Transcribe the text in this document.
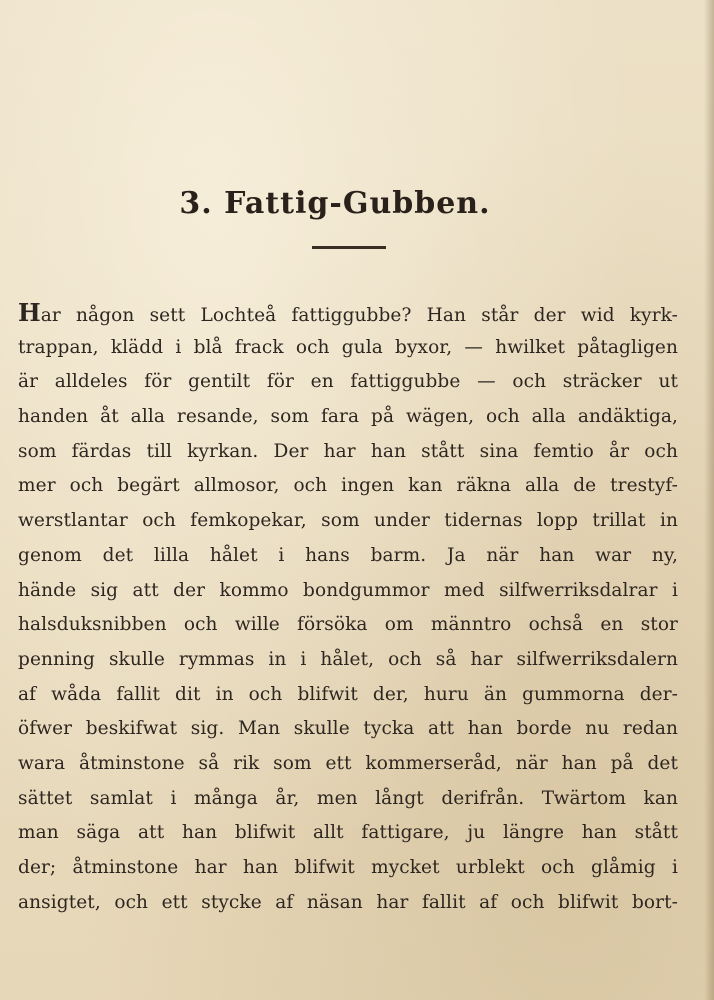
3. Fattig-Gubben.
Har någon sett Lochteå fattiggubbe? Han står der wid kyrk-
trappan, klädd i blå frack och gula byxor, — hwilket påtagligen
är alldeles för gentilt för en fattiggubbe — och sträcker ut
handen åt alla resande, som fara på wägen, och alla andäktiga,
som färdas till kyrkan. Der har han stått sina femtio år och
mer och begärt allmosor, och ingen kan räkna alla de trestyf-
werstlantar och femkopekar, som under tidernas lopp trillat in
genom det lilla hålet i hans barm. Ja när han war ny,
hände sig att der kommo bondgummor med silfwerriksdalrar i
halsduksnibben och wille försöka om männtro ochså en stor
penning skulle rymmas in i hålet, och så har silfwerriksdalern
af wåda fallit dit in och blifwit der, huru än gummorna der-
öfwer beskifwat sig. Man skulle tycka att han borde nu redan
wara åtminstone så rik som ett kommerseråd, när han på det
sättet samlat i många år, men långt derifrån. Twärtom kan
man säga att han blifwit allt fattigare, ju längre han stått
der; åtminstone har han blifwit mycket urblekt och glåmig i
ansigtet, och ett stycke af näsan har fallit af och blifwit bort-
